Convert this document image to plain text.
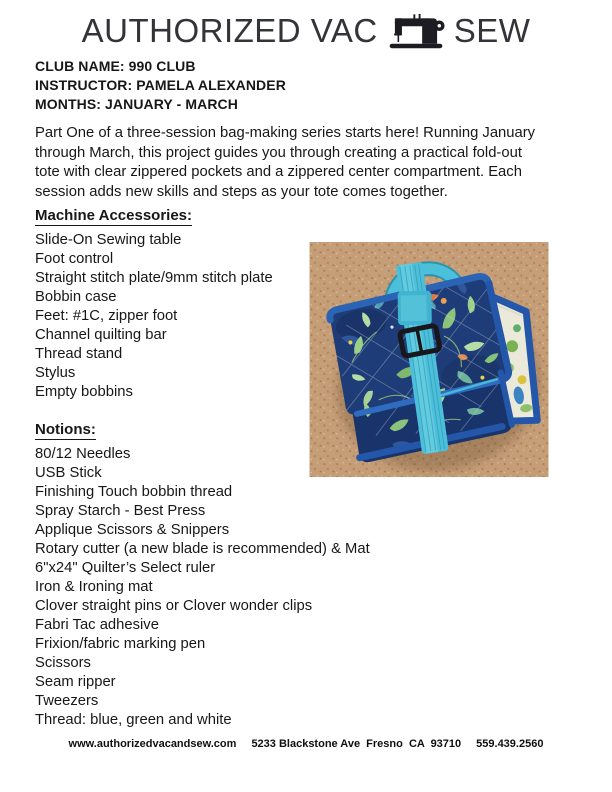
AUTHORIZED VAC SEW
CLUB NAME: 990 CLUB
INSTRUCTOR: PAMELA ALEXANDER
MONTHS: JANUARY - MARCH
Part One of a three-session bag-making series starts here! Running January
through March, this project guides you through creating a practical fold-out
tote with clear zippered pockets and a zippered center compartment. Each
session adds new skills and steps as your tote comes together.
Machine Accessories:
Slide-On Sewing table
Foot control
Straight stitch plate/9mm stitch plate
Bobbin case
Feet: #1C, zipper foot
Channel quilting bar
Thread stand
Stylus
Empty bobbins
Notions:
80/12 Needles
USB Stick
Finishing Touch bobbin thread
Spray Starch - Best Press
Applique Scissors & Snippers
Rotary cutter (a new blade is recommended) & Mat
6"x24" Quilter’s Select ruler
Iron & Ironing mat
Clover straight pins or Clover wonder clips
Fabri Tac adhesive
Frixion/fabric marking pen
Scissors
Seam ripper
Tweezers
Thread: blue, green and white
www.authorizedvacandsew.com 5233 Blackstone Ave  Fresno  CA  93710 559.439.2560
